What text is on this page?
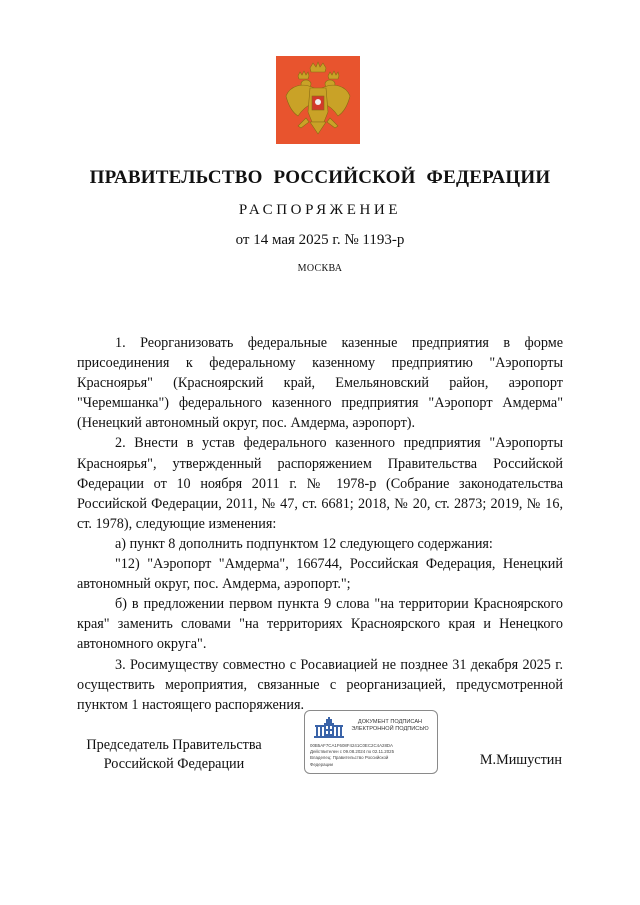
ПРАВИТЕЛЬСТВО РОССИЙСКОЙ ФЕДЕРАЦИИ
РАСПОРЯЖЕНИЕ
от 14 мая 2025 г. № 1193-р
МОСКВА

1. Реорганизовать федеральные казенные предприятия в форме присоединения к федеральному казенному предприятию "Аэропорты Красноярья" (Красноярский край, Емельяновский район, аэропорт "Черемшанка") федерального казенного предприятия "Аэропорт Амдерма" (Ненецкий автономный округ, пос. Амдерма, аэропорт).

2. Внести в устав федерального казенного предприятия "Аэропорты Красноярья", утвержденный распоряжением Правительства Российской Федерации от 10 ноября 2011 г. № 1978-р (Собрание законодательства Российской Федерации, 2011, № 47, ст. 6681; 2018, № 20, ст. 2873; 2019, № 16, ст. 1978), следующие изменения:

а) пункт 8 дополнить подпунктом 12 следующего содержания:

"12) "Аэропорт "Амдерма", 166744, Российская Федерация, Ненецкий автономный округ, пос. Амдерма, аэропорт.";

б) в предложении первом пункта 9 слова "на территории Красноярского края" заменить словами "на территориях Красноярского края и Ненецкого автономного округа".

3. Росимуществу совместно с Росавиацией не позднее 31 декабря 2025 г. осуществить мероприятия, связанные с реорганизацией, предусмотренной пунктом 1 настоящего распоряжения.

Председатель Правительства
Российской Федерации
ДОКУМЕНТ ПОДПИСАН
ЭЛЕКТРОННОЙ ПОДПИСЬЮ
00B5AF7CA1F608F4241C0EC2C4A28DA
Действителен с 09.08.2024 по 02.11.2025
Владелец: Правительство Российской
Федерации	М.Мишустин
